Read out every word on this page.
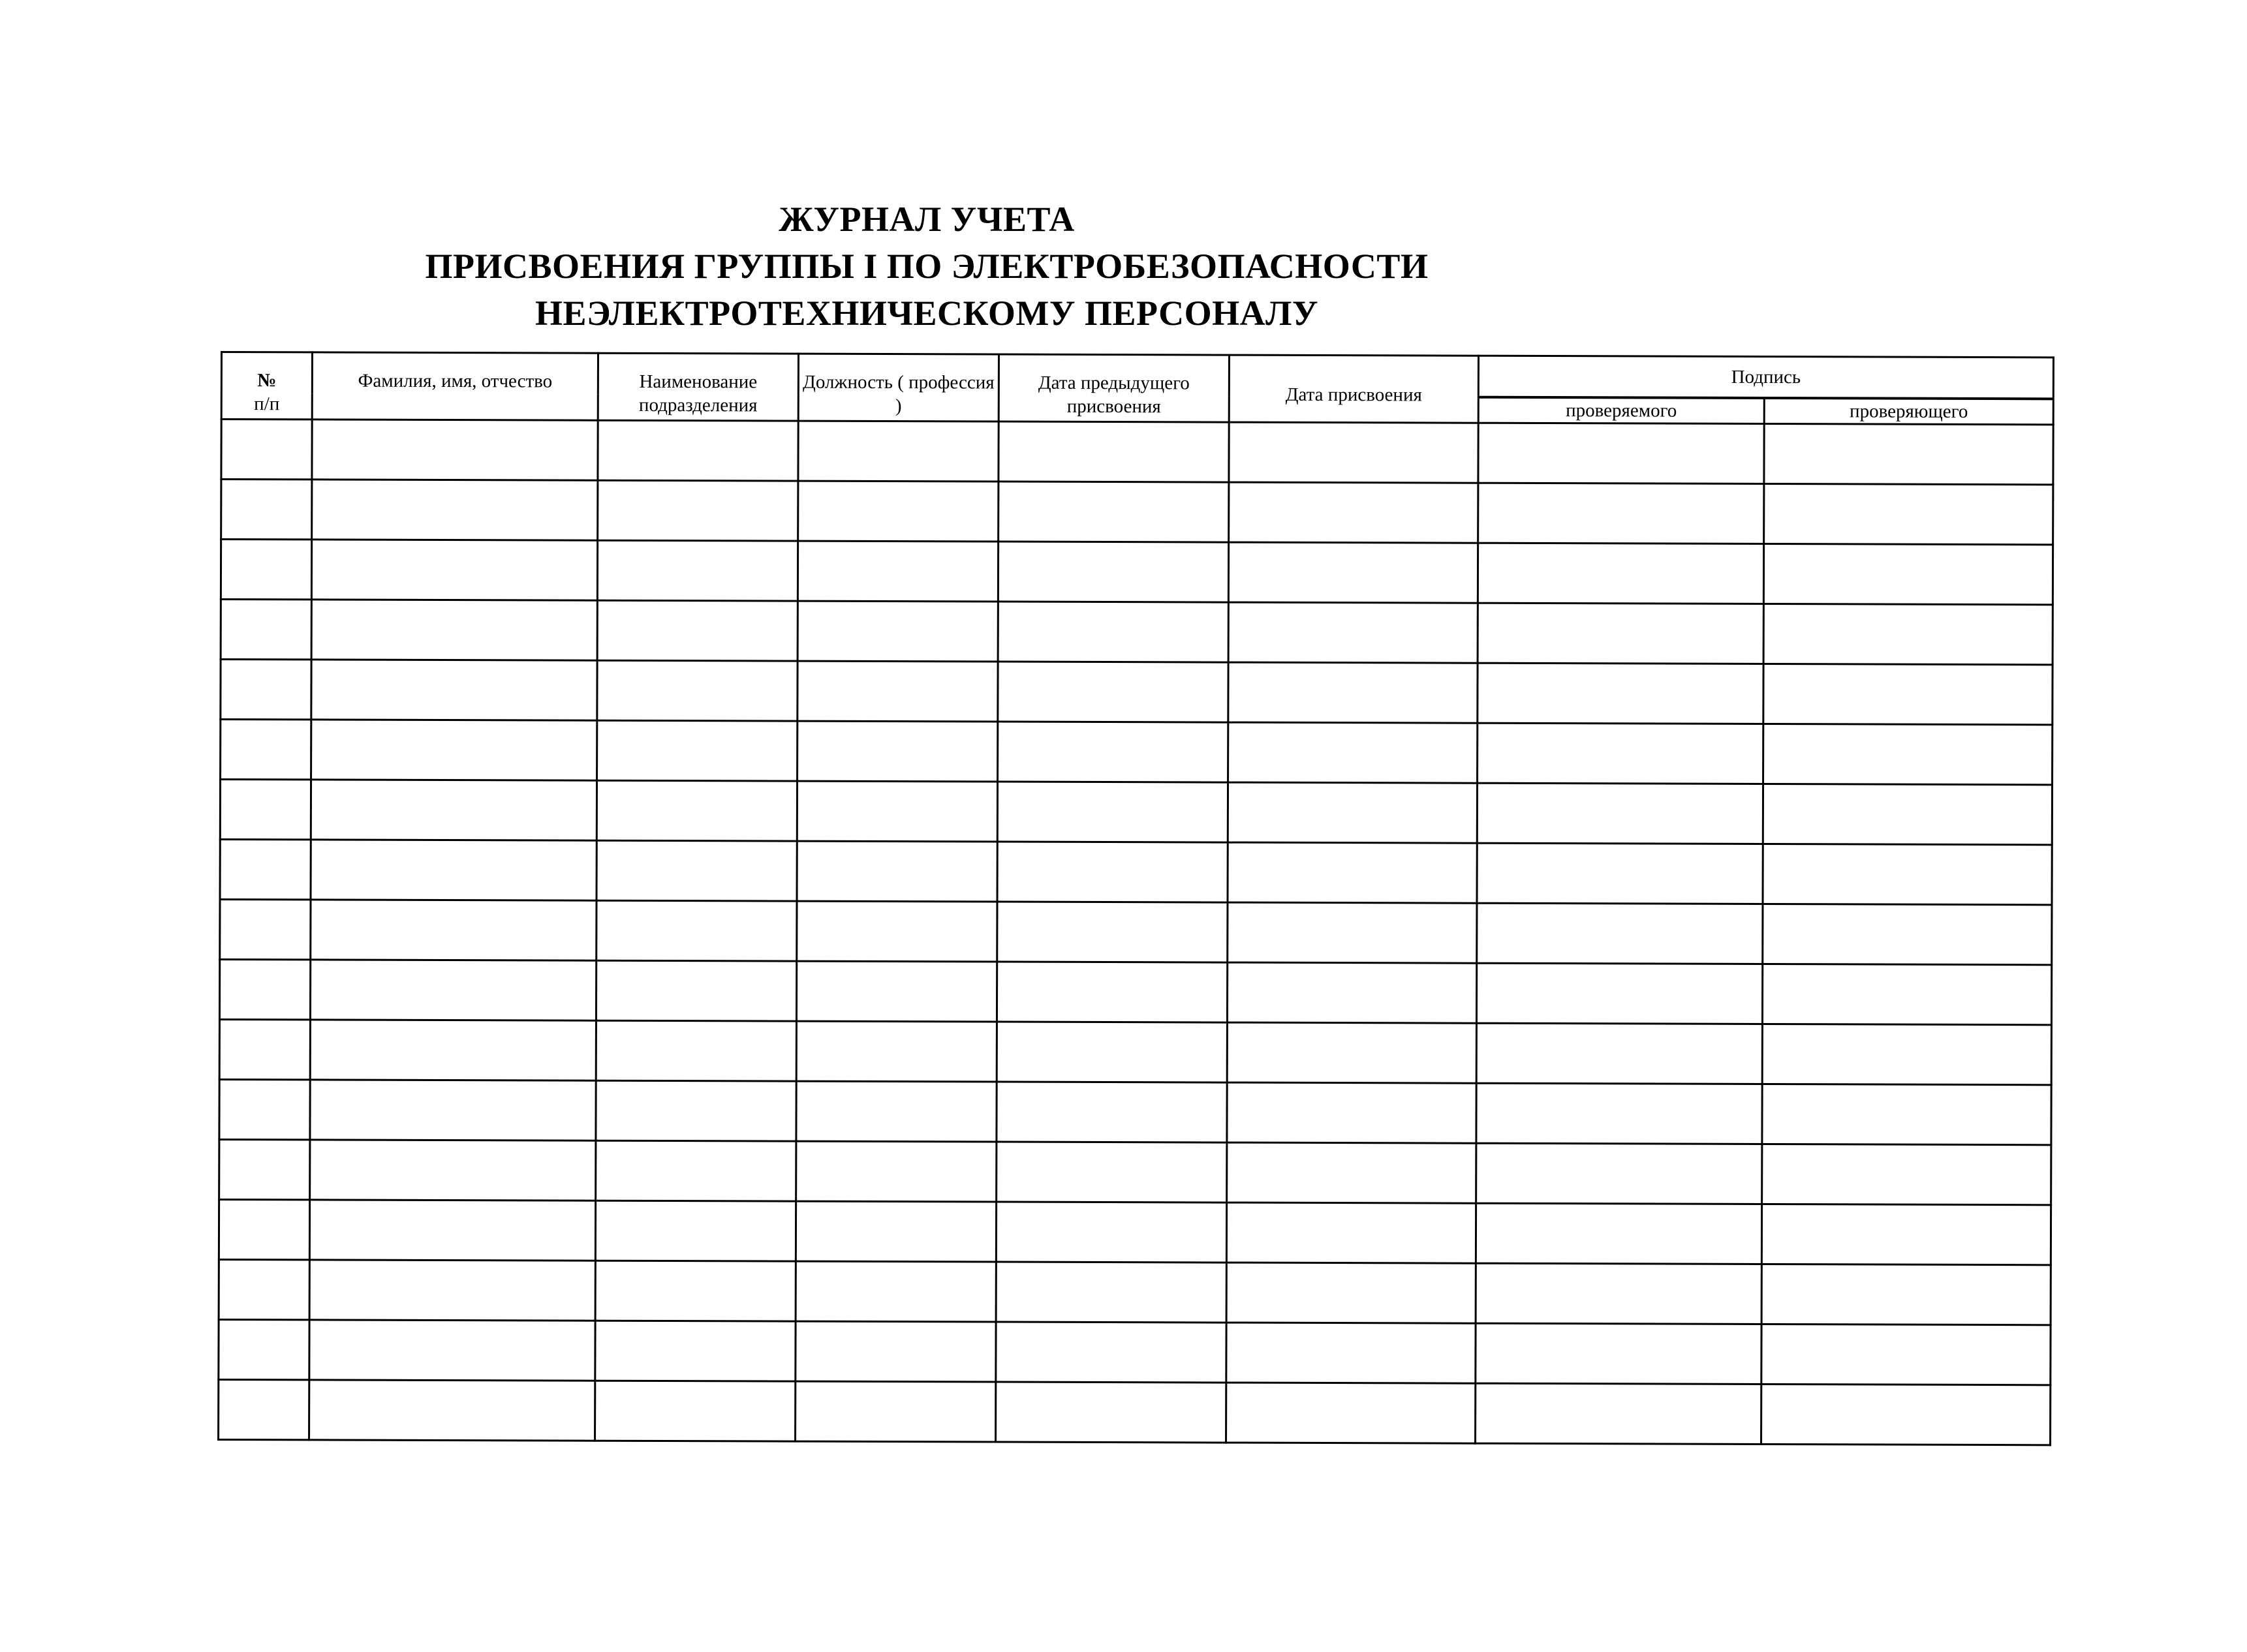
ЖУРНАЛ УЧЕТА
ПРИСВОЕНИЯ ГРУППЫ I ПО ЭЛЕКТРОБЕЗОПАСНОСТИ
НЕЭЛЕКТРОТЕХНИЧЕСКОМУ ПЕРСОНАЛУ
№
п/п	Фамилия, имя, отчество	Наименование подразделения	Должность ( профессия )	Дата предыдущего присвоения	Дата присвоения	Подпись	
						проверяемого	проверяющего
